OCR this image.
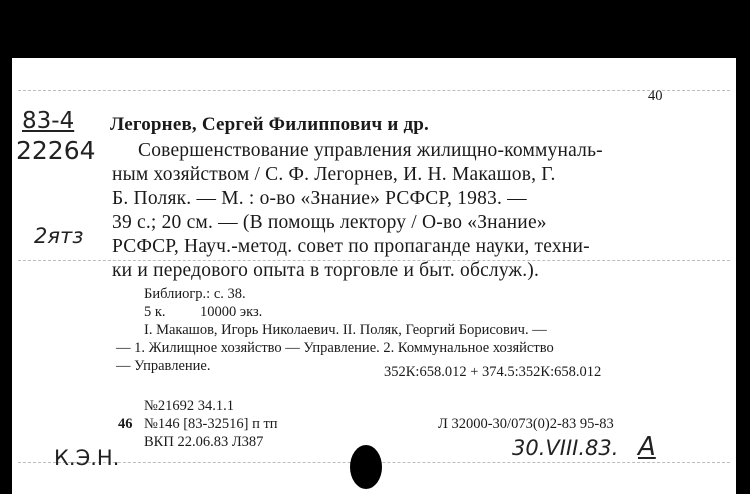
40
83-4
22264
2ятз
К.Э.Н.	30.VIII.83. A
Легорнев, Сергей Филиппович и др.
Совершенствование управления жилищно-коммуналь-
ным хозяйством / С. Ф. Легорнев, И. Н. Макашов, Г.
Б. Поляк. — М. : о-во «Знание» РСФСР, 1983. —
39 с.; 20 см. — (В помощь лектору / О-во «Знание»
РСФСР, Науч.-метод. совет по пропаганде науки, техни-
ки и передового опыта в торговле и быт. обслуж.).
Библиогр.: с. 38.
5 к. 10000 экз.
I. Макашов, Игорь Николаевич. II. Поляк, Георгий Борисович. —
— 1. Жилищное хозяйство — Управление. 2. Коммунальное хозяйство
— Управление.	352К:658.012 + 374.5:352К:658.012
№21692 34.1.1
46 №146 [83-32516] п тп
ВКП 22.06.83 Л387
Л 32000-30/073(0)2-83 95-83
